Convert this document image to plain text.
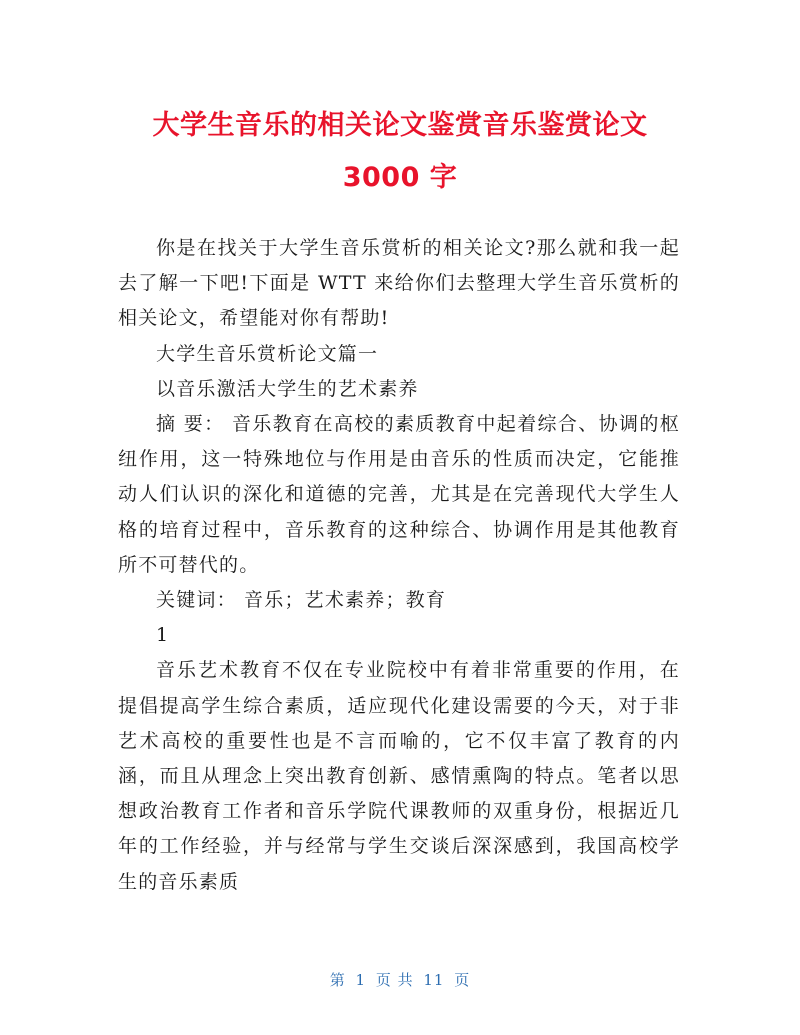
大学生音乐的相关论文鉴赏音乐鉴赏论文
3000 字

你是在找关于大学生音乐赏析的相关论文?那么就和我一起去了解一下吧!下面是 WTT 来给你们去整理大学生音乐赏析的相关论文，希望能对你有帮助!

大学生音乐赏析论文篇一

以音乐激活大学生的艺术素养

摘 要： 音乐教育在高校的素质教育中起着综合、协调的枢纽作用，这一特殊地位与作用是由音乐的性质而决定，它能推动人们认识的深化和道德的完善，尤其是在完善现代大学生人格的培育过程中，音乐教育的这种综合、协调作用是其他教育所不可替代的。

关键词： 音乐；艺术素养；教育

1

音乐艺术教育不仅在专业院校中有着非常重要的作用，在提倡提高学生综合素质，适应现代化建设需要的今天，对于非艺术高校的重要性也是不言而喻的，它不仅丰富了教育的内涵，而且从理念上突出教育创新、感情熏陶的特点。笔者以思想政治教育工作者和音乐学院代课教师的双重身份，根据近几年的工作经验，并与经常与学生交谈后深深感到，我国高校学生的音乐素质

第 1 页 共 11 页
